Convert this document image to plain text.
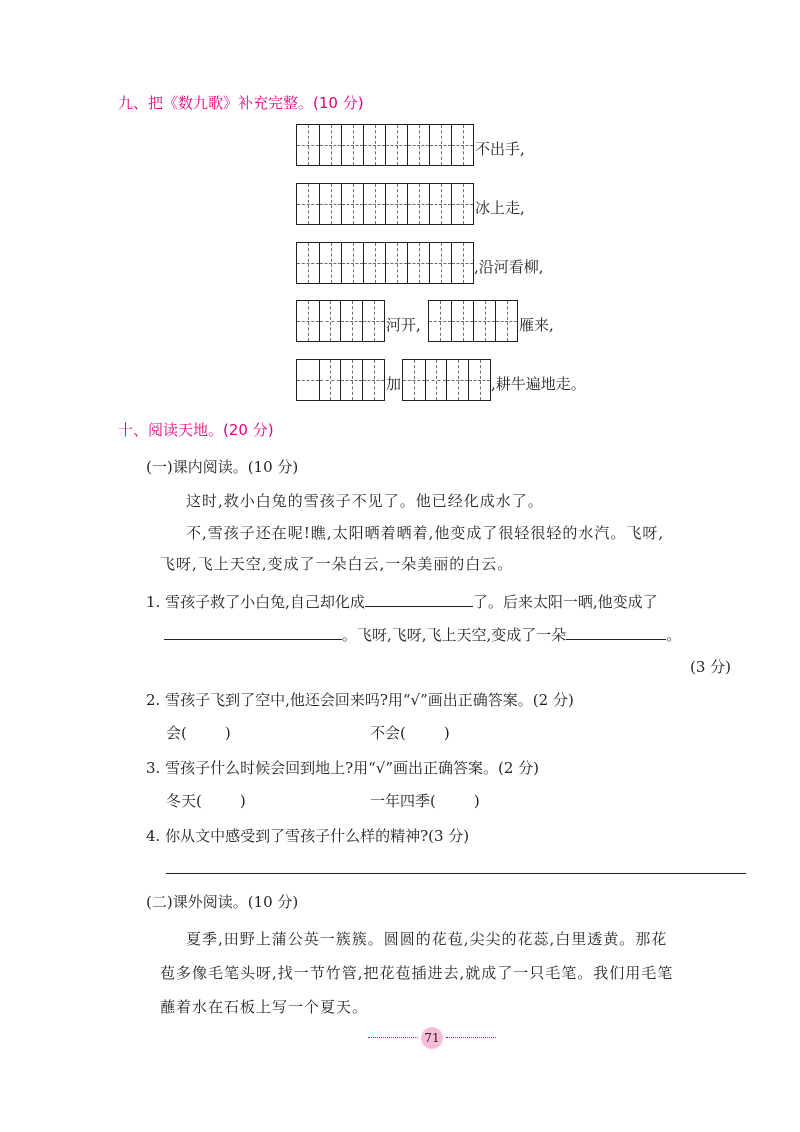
九、把《数九歌》补充完整。(10 分)
不出手,
冰上走,
,沿河看柳,
河开,	雁来,
加	,耕牛遍地走。
十、阅读天地。(20 分)
(一)课内阅读。(10 分)
这时,救小白兔的雪孩子不见了。他已经化成水了。
不,雪孩子还在呢!瞧,太阳晒着晒着,他变成了很轻很轻的水汽。飞呀,
飞呀,飞上天空,变成了一朵白云,一朵美丽的白云。
1. 雪孩子救了小白兔,自己却化成	了。后来太阳一晒,他变成了
。飞呀,飞呀,飞上天空,变成了一朵	。
(3 分)
2. 雪孩子飞到了空中,他还会回来吗?用“√”画出正确答案。(2 分)
会(	)	不会(	)
3. 雪孩子什么时候会回到地上?用“√”画出正确答案。(2 分)
冬天(	)	一年四季(	)
4. 你从文中感受到了雪孩子什么样的精神?(3 分)
(二)课外阅读。(10 分)
夏季,田野上蒲公英一簇簇。圆圆的花苞,尖尖的花蕊,白里透黄。那花
苞多像毛笔头呀,找一节竹管,把花苞插进去,就成了一只毛笔。我们用毛笔
蘸着水在石板上写一个夏天。
71
